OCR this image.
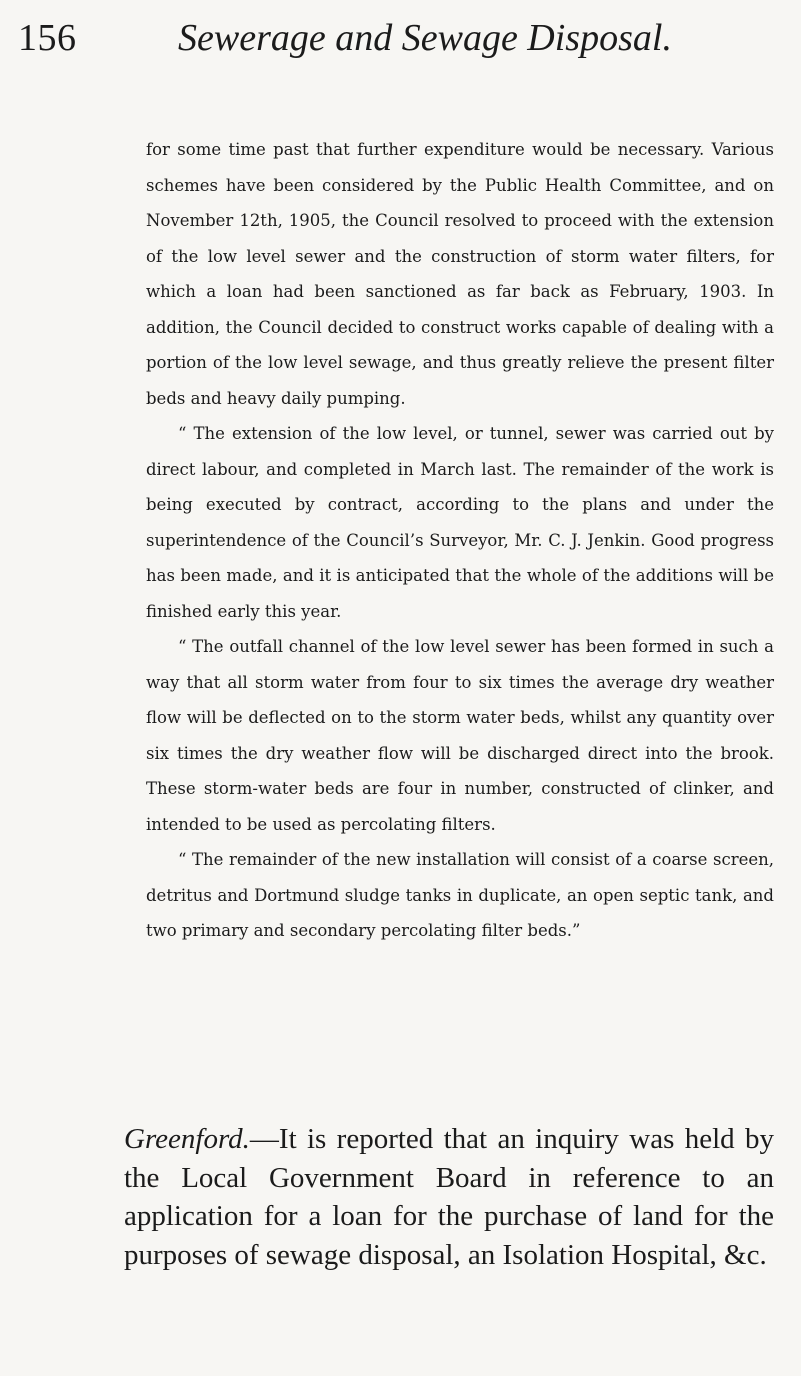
156	Sewerage and Sewage Disposal.

for some time past that further expenditure would be necessary. Various schemes have been considered by the Public Health Committee, and on November 12th, 1905, the Council resolved to proceed with the extension of the low level sewer and the construction of storm water filters, for which a loan had been sanctioned as far back as February, 1903. In addition, the Council decided to construct works capable of dealing with a portion of the low level sewage, and thus greatly relieve the present filter beds and heavy daily pumping.

“ The extension of the low level, or tunnel, sewer was carried out by direct labour, and completed in March last. The remainder of the work is being executed by contract, according to the plans and under the superintendence of the Council’s Surveyor, Mr. C. J. Jenkin. Good progress has been made, and it is anticipated that the whole of the additions will be finished early this year.

“ The outfall channel of the low level sewer has been formed in such a way that all storm water from four to six times the average dry weather flow will be deflected on to the storm water beds, whilst any quantity over six times the dry weather flow will be discharged direct into the brook. These storm-water beds are four in number, constructed of clinker, and intended to be used as percolating filters.

“ The remainder of the new installation will consist of a coarse screen, detritus and Dortmund sludge tanks in duplicate, an open septic tank, and two primary and secondary percolating filter beds.”

Greenford.—It is reported that an inquiry was held by the Local Government Board in reference to an application for a loan for the purchase of land for the purposes of sewage disposal, an Isolation Hospital, &c.
